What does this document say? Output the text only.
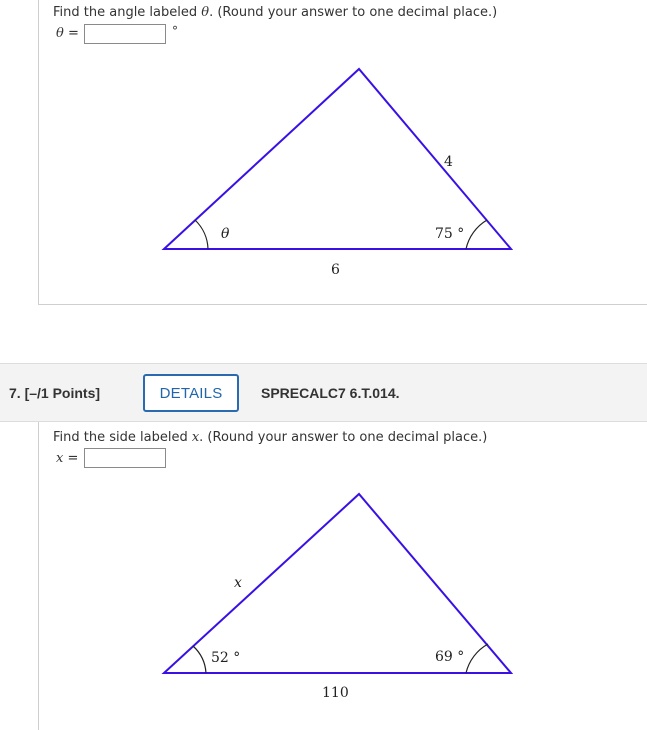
Find the angle labeled θ. (Round your answer to one decimal place.)
θ =	°
θ
4
75 °
6
7. [–/1 Points]	DETAILS	SPRECALC7 6.T.014.
Find the side labeled x. (Round your answer to one decimal place.)
x =
x
52 °	69 °
110
